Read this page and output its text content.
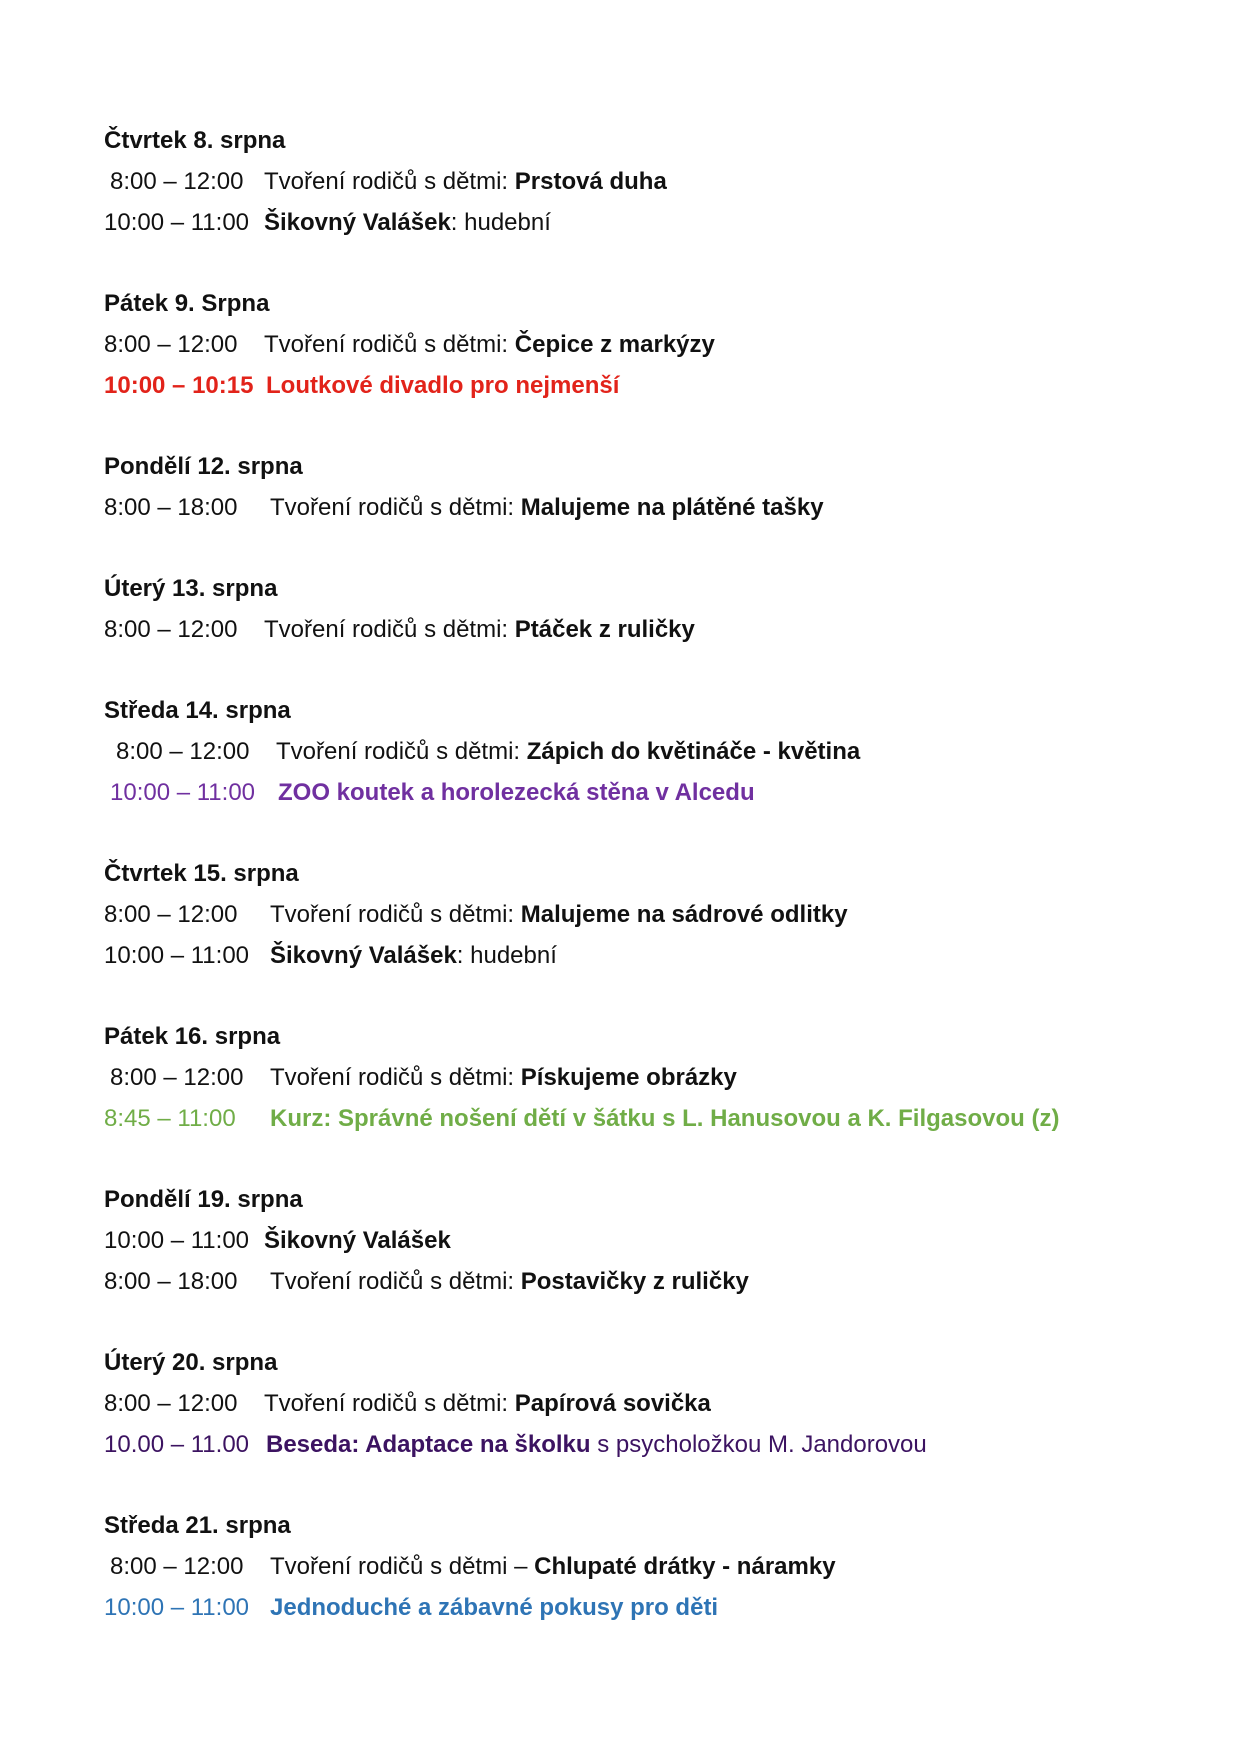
Čtvrtek 8. srpna
8:00 – 12:00 Tvoření rodičů s dětmi: Prstová duha
10:00 – 11:00 Šikovný Valášek : hudební
Pátek 9. Srpna
8:00 – 12:00	Tvoření rodičů s dětmi: Čepice z markýzy
10:00 – 10:15 Loutkové divadlo pro nejmenší
Pondělí 12. srpna
8:00 – 18:00	Tvoření rodičů s dětmi: Malujeme na plátěné tašky
Úterý 13. srpna
8:00 – 12:00	Tvoření rodičů s dětmi: Ptáček z ruličky
Středa 14. srpna
8:00 – 12:00	Tvoření rodičů s dětmi: Zápich do květináče - květina
10:00 – 11:00 ZOO koutek a horolezecká stěna v Alcedu
Čtvrtek 15. srpna
8:00 – 12:00	Tvoření rodičů s dětmi: Malujeme na sádrové odlitky
10:00 – 11:00 Šikovný Valášek : hudební
Pátek 16. srpna
8:00 – 12:00	Tvoření rodičů s dětmi: Pískujeme obrázky
8:45 – 11:00	Kurz: Správné nošení dětí v šátku s L. Hanusovou a K. Filgasovou (z)
Pondělí 19. srpna
10:00 – 11:00 Šikovný Valášek
8:00 – 18:00	Tvoření rodičů s dětmi: Postavičky z ruličky
Úterý 20. srpna
8:00 – 12:00	Tvoření rodičů s dětmi: Papírová sovička
10.00 – 11.00 Beseda: Adaptace na školku s psycholožkou M. Jandorovou
Středa 21. srpna
8:00 – 12:00	Tvoření rodičů s dětmi – Chlupaté drátky - náramky
10:00 – 11:00 Jednoduché a zábavné pokusy pro děti
